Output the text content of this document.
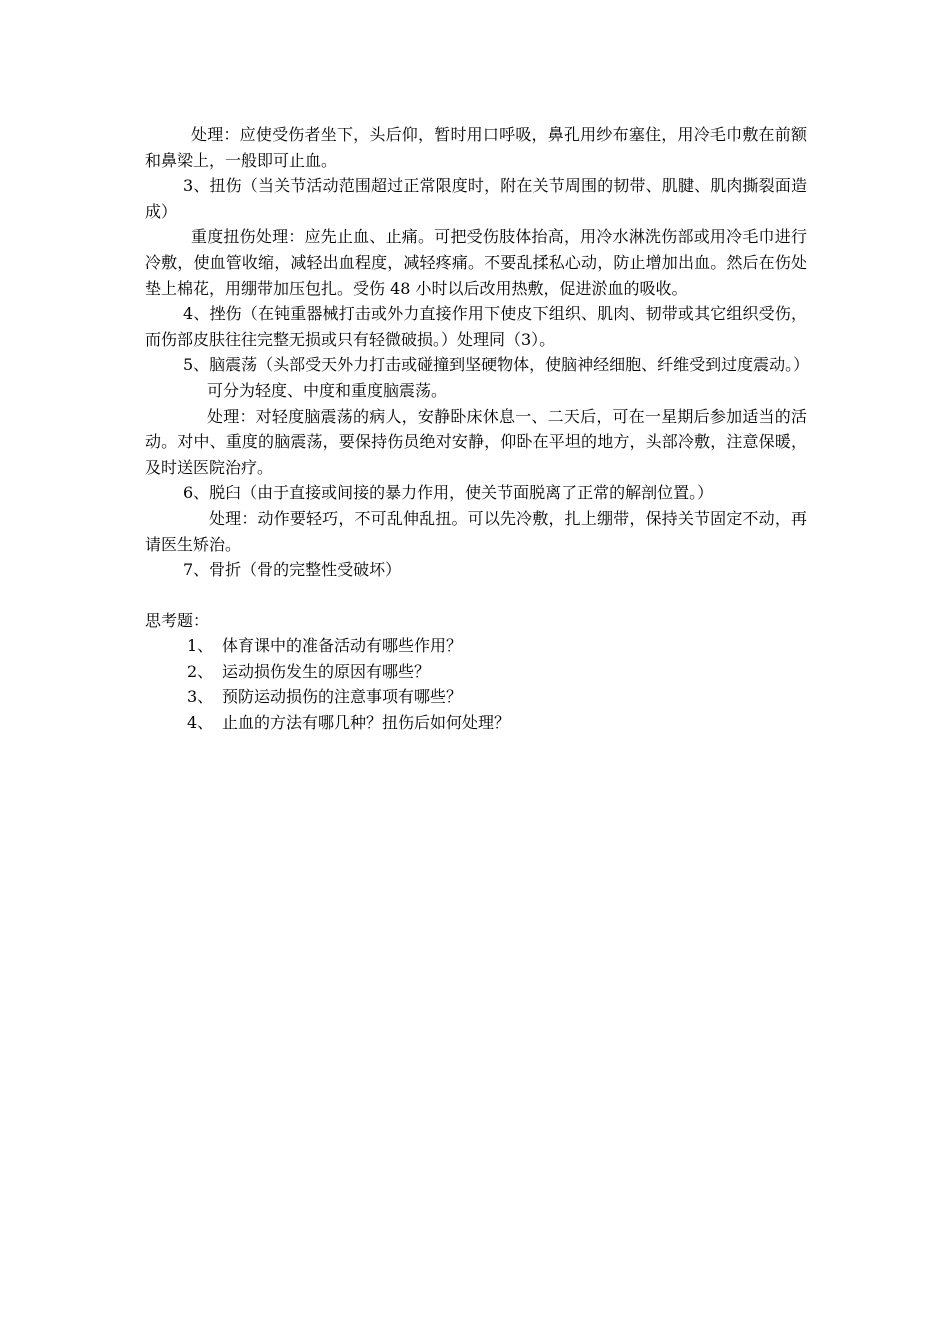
处理：应使受伤者坐下，头后仰，暂时用口呼吸，鼻孔用纱布塞住，用冷毛巾敷在前额和鼻梁上，一般即可止血。

3、扭伤（当关节活动范围超过正常限度时，附在关节周围的韧带、肌腱、肌肉撕裂面造成）

重度扭伤处理：应先止血、止痛。可把受伤肢体抬高，用冷水淋洗伤部或用冷毛巾进行冷敷，使血管收缩，减轻出血程度，减轻疼痛。不要乱揉私心动，防止增加出血。然后在伤处垫上棉花，用绷带加压包扎。受伤 48 小时以后改用热敷，促进淤血的吸收。

4、挫伤（在钝重器械打击或外力直接作用下使皮下组织、肌肉、韧带或其它组织受伤，而伤部皮肤往往完整无损或只有轻微破损。）处理同（3）。

5、脑震荡（头部受天外力打击或碰撞到坚硬物体，使脑神经细胞、纤维受到过度震动。）

可分为轻度、中度和重度脑震荡。

处理：对轻度脑震荡的病人，安静卧床休息一、二天后，可在一星期后参加适当的活动。对中、重度的脑震荡，要保持伤员绝对安静，仰卧在平坦的地方，头部冷敷，注意保暖，及时送医院治疗。

6、脱臼（由于直接或间接的暴力作用，使关节面脱离了正常的解剖位置。）

处理：动作要轻巧，不可乱伸乱扭。可以先冷敷，扎上绷带，保持关节固定不动，再请医生矫治。

7、骨折（骨的完整性受破坏）

思考题：

1、 体育课中的准备活动有哪些作用？
2、 运动损伤发生的原因有哪些？
3、 预防运动损伤的注意事项有哪些？
4、 止血的方法有哪几种？扭伤后如何处理？
